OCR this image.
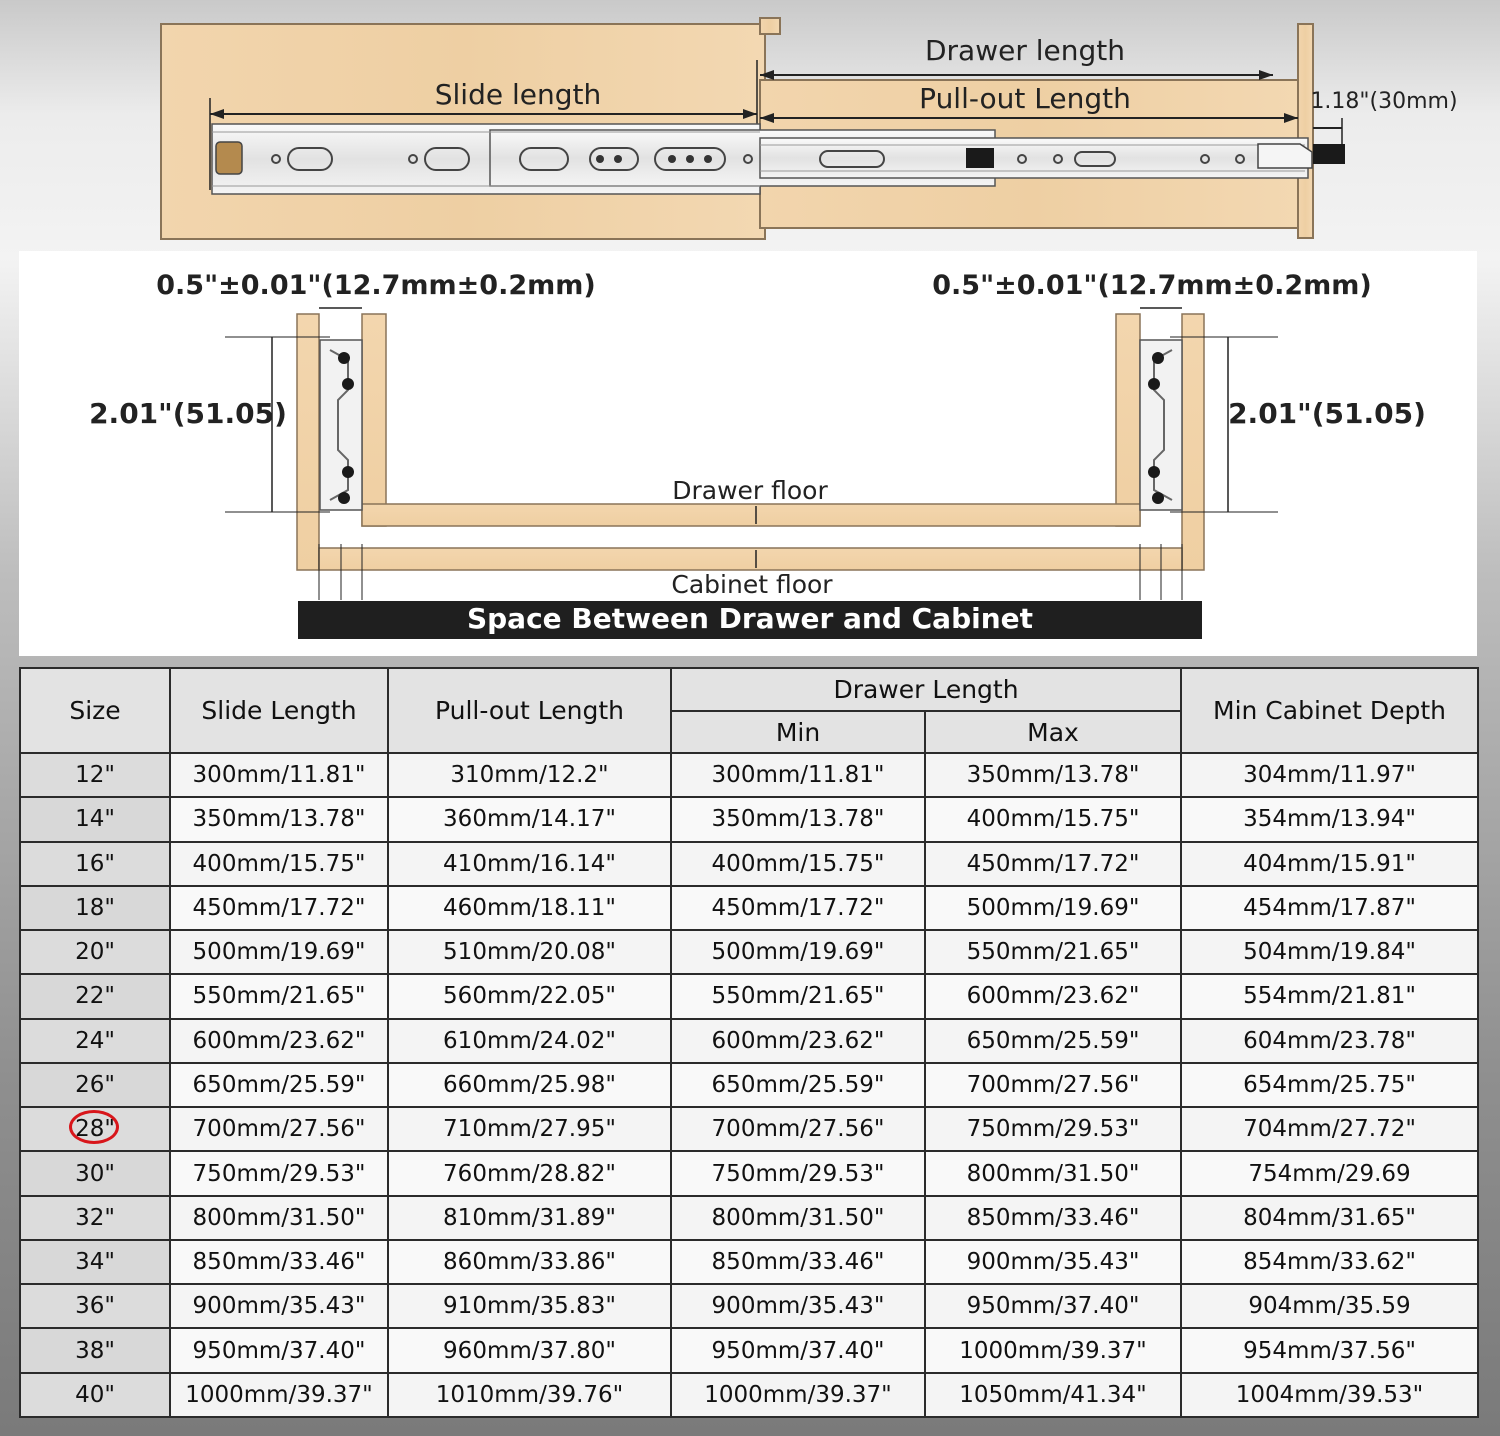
Slide length
Drawer length
Pull-out Length	1.18"(30mm)
0.5"±0.01"(12.7mm±0.2mm)	0.5"±0.01"(12.7mm±0.2mm)
2.01"(51.05)	2.01"(51.05)
Drawer floor
Cabinet floor
Space Between Drawer and Cabinet
Size	Slide Length	Pull-out Length	Drawer Length		Min Cabinet Depth
			Min	Max	
12"	300mm/11.81"	310mm/12.2"	300mm/11.81"	350mm/13.78"	304mm/11.97"
14"	350mm/13.78"	360mm/14.17"	350mm/13.78"	400mm/15.75"	354mm/13.94"
16"	400mm/15.75"	410mm/16.14"	400mm/15.75"	450mm/17.72"	404mm/15.91"
18"	450mm/17.72"	460mm/18.11"	450mm/17.72"	500mm/19.69"	454mm/17.87"
20"	500mm/19.69"	510mm/20.08"	500mm/19.69"	550mm/21.65"	504mm/19.84"
22"	550mm/21.65"	560mm/22.05"	550mm/21.65"	600mm/23.62"	554mm/21.81"
24"	600mm/23.62"	610mm/24.02"	600mm/23.62"	650mm/25.59"	604mm/23.78"
26"	650mm/25.59"	660mm/25.98"	650mm/25.59"	700mm/27.56"	654mm/25.75"
28"	700mm/27.56"	710mm/27.95"	700mm/27.56"	750mm/29.53"	704mm/27.72"
30"	750mm/29.53"	760mm/28.82"	750mm/29.53"	800mm/31.50"	754mm/29.69
32"	800mm/31.50"	810mm/31.89"	800mm/31.50"	850mm/33.46"	804mm/31.65"
34"	850mm/33.46"	860mm/33.86"	850mm/33.46"	900mm/35.43"	854mm/33.62"
36"	900mm/35.43"	910mm/35.83"	900mm/35.43"	950mm/37.40"	904mm/35.59
38"	950mm/37.40"	960mm/37.80"	950mm/37.40"	1000mm/39.37"	954mm/37.56"
40"	1000mm/39.37"	1010mm/39.76"	1000mm/39.37"	1050mm/41.34"	1004mm/39.53"
